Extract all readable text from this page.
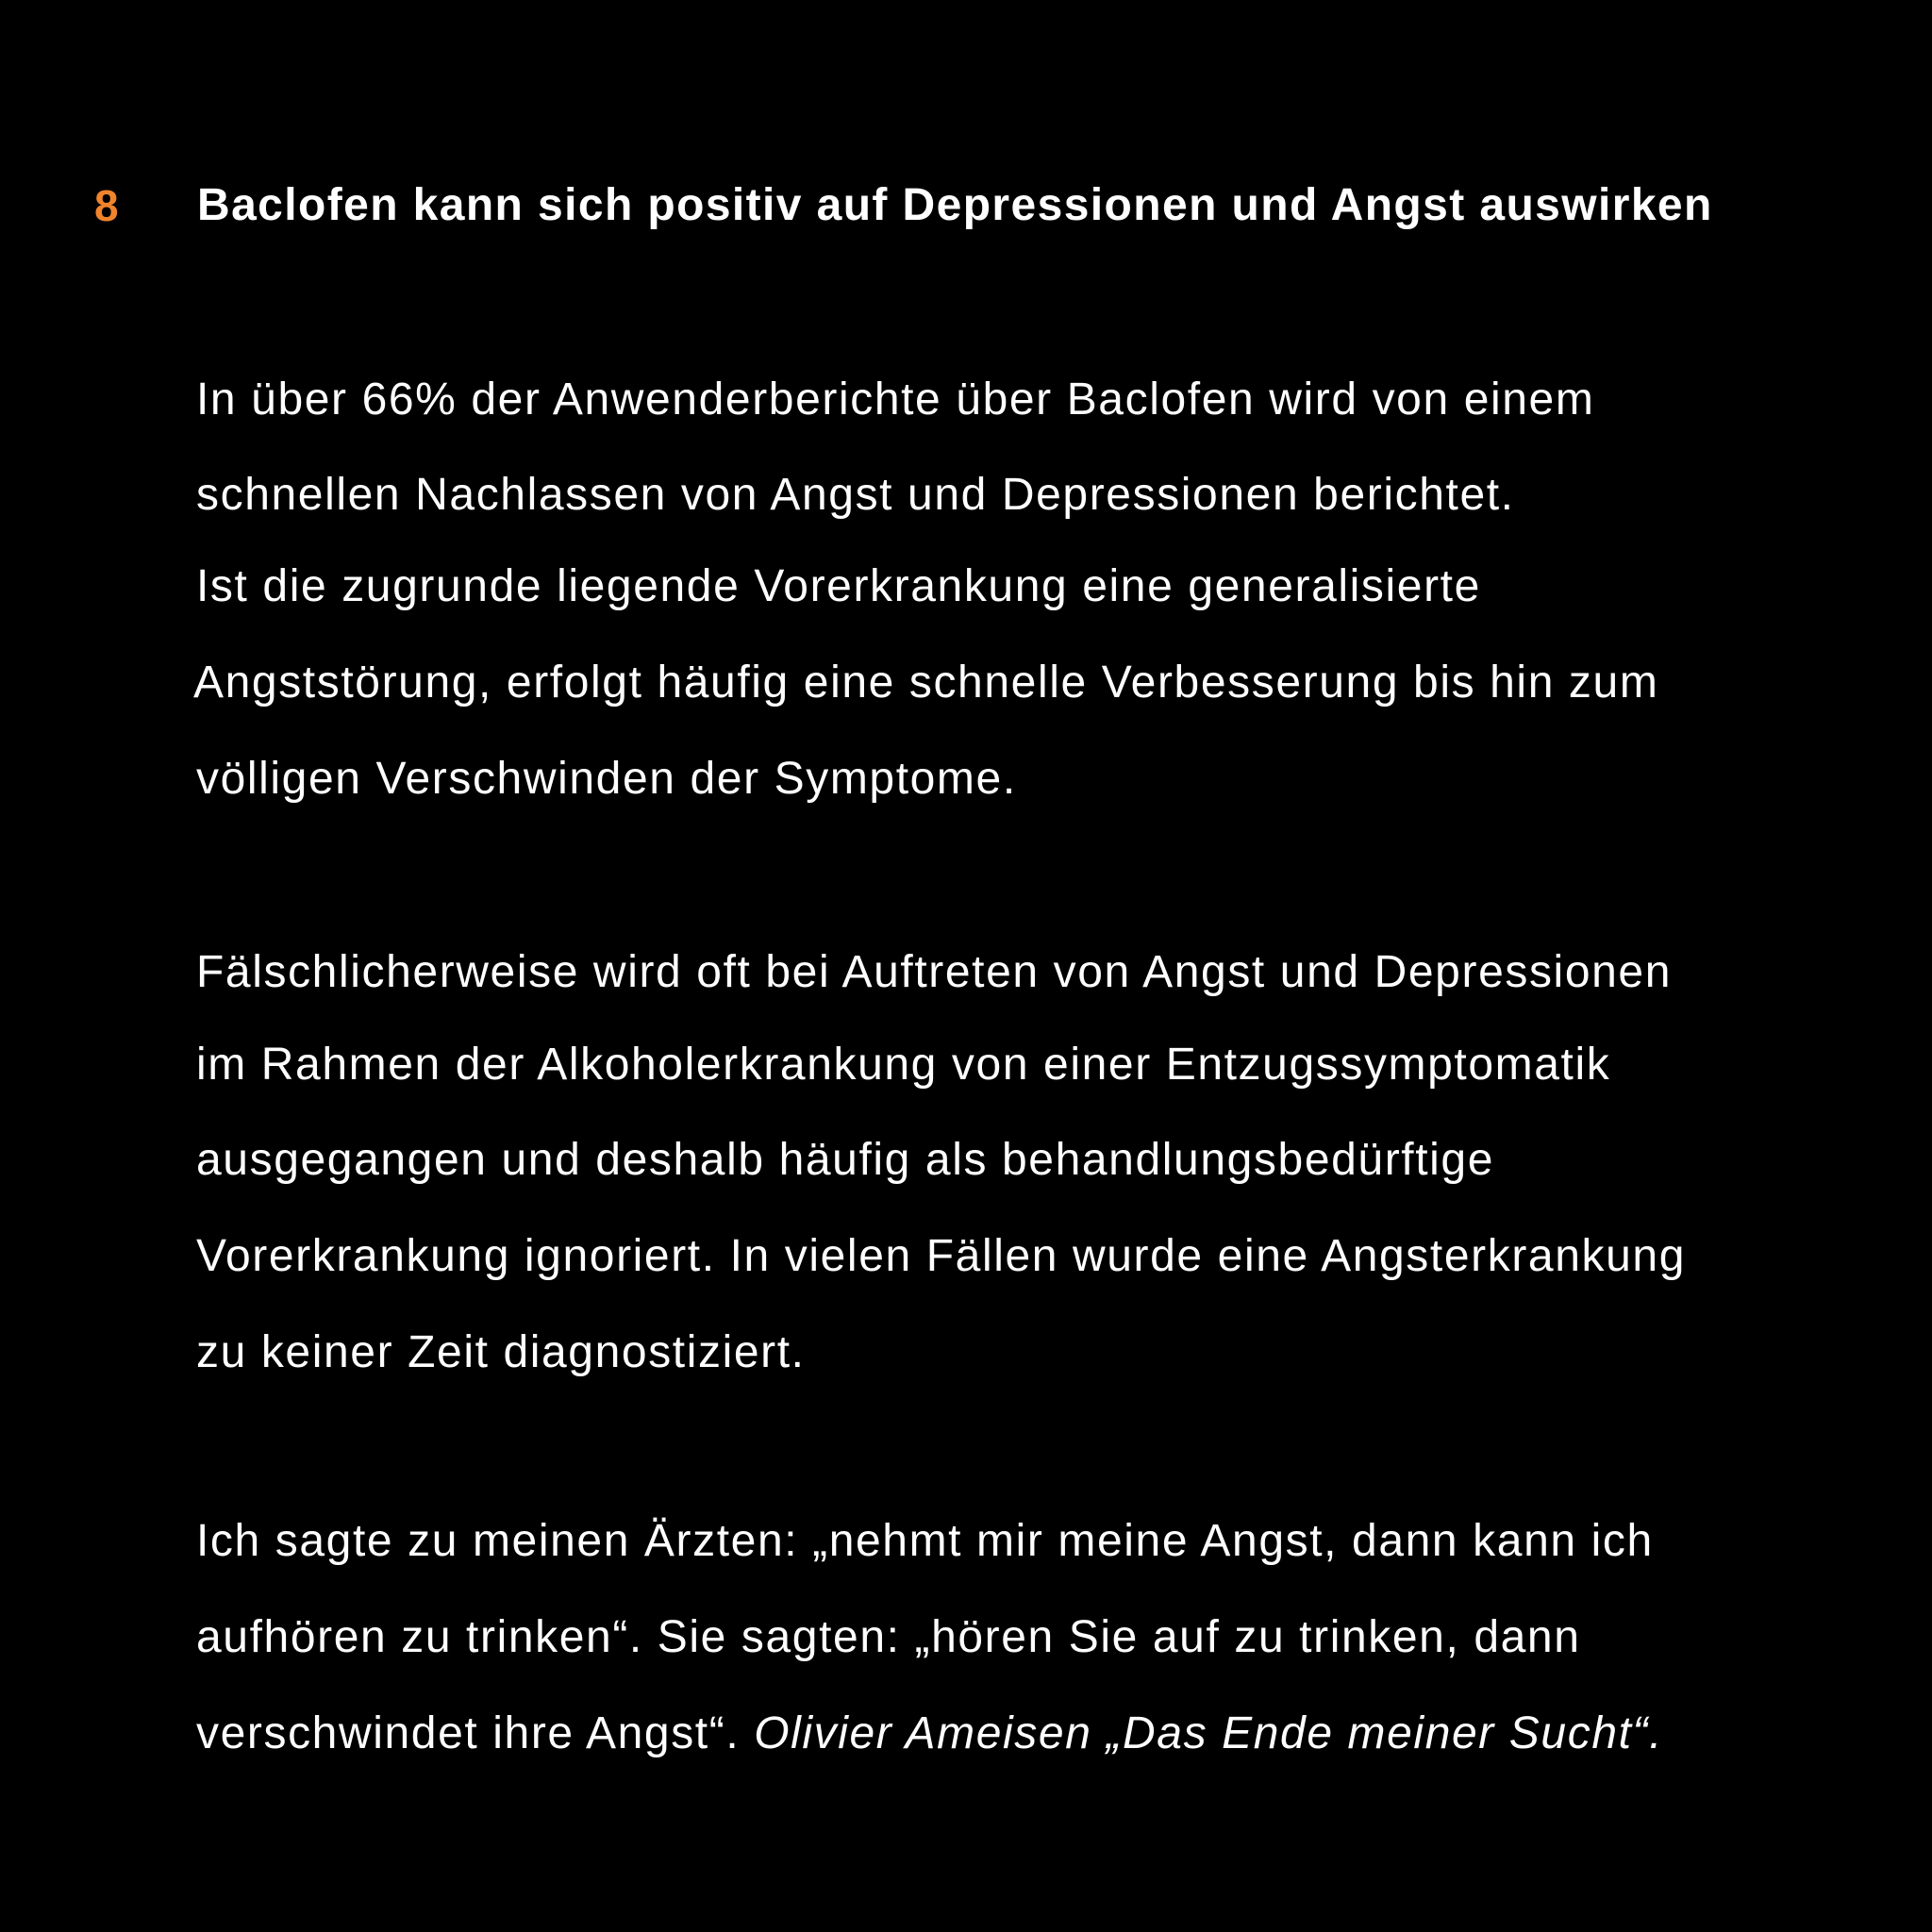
8 Baclofen kann sich positiv auf Depressionen und Angst auswirken
In über 66% der Anwenderberichte über Baclofen wird von einem
schnellen Nachlassen von Angst und Depressionen berichtet.
Ist die zugrunde liegende Vorerkrankung eine generalisierte
Angststörung, erfolgt häufig eine schnelle Verbesserung bis hin zum
völligen Verschwinden der Symptome.
Fälschlicherweise wird oft bei Auftreten von Angst und Depressionen
im Rahmen der Alkoholerkrankung von einer Entzugssymptomatik
ausgegangen und deshalb häufig als behandlungsbedürftige
Vorerkrankung ignoriert. In vielen Fällen wurde eine Angsterkrankung
zu keiner Zeit diagnostiziert.
Ich sagte zu meinen Ärzten: „nehmt mir meine Angst, dann kann ich
aufhören zu trinken“. Sie sagten: „hören Sie auf zu trinken, dann
verschwindet ihre Angst“. Olivier Ameisen „Das Ende meiner Sucht“.
